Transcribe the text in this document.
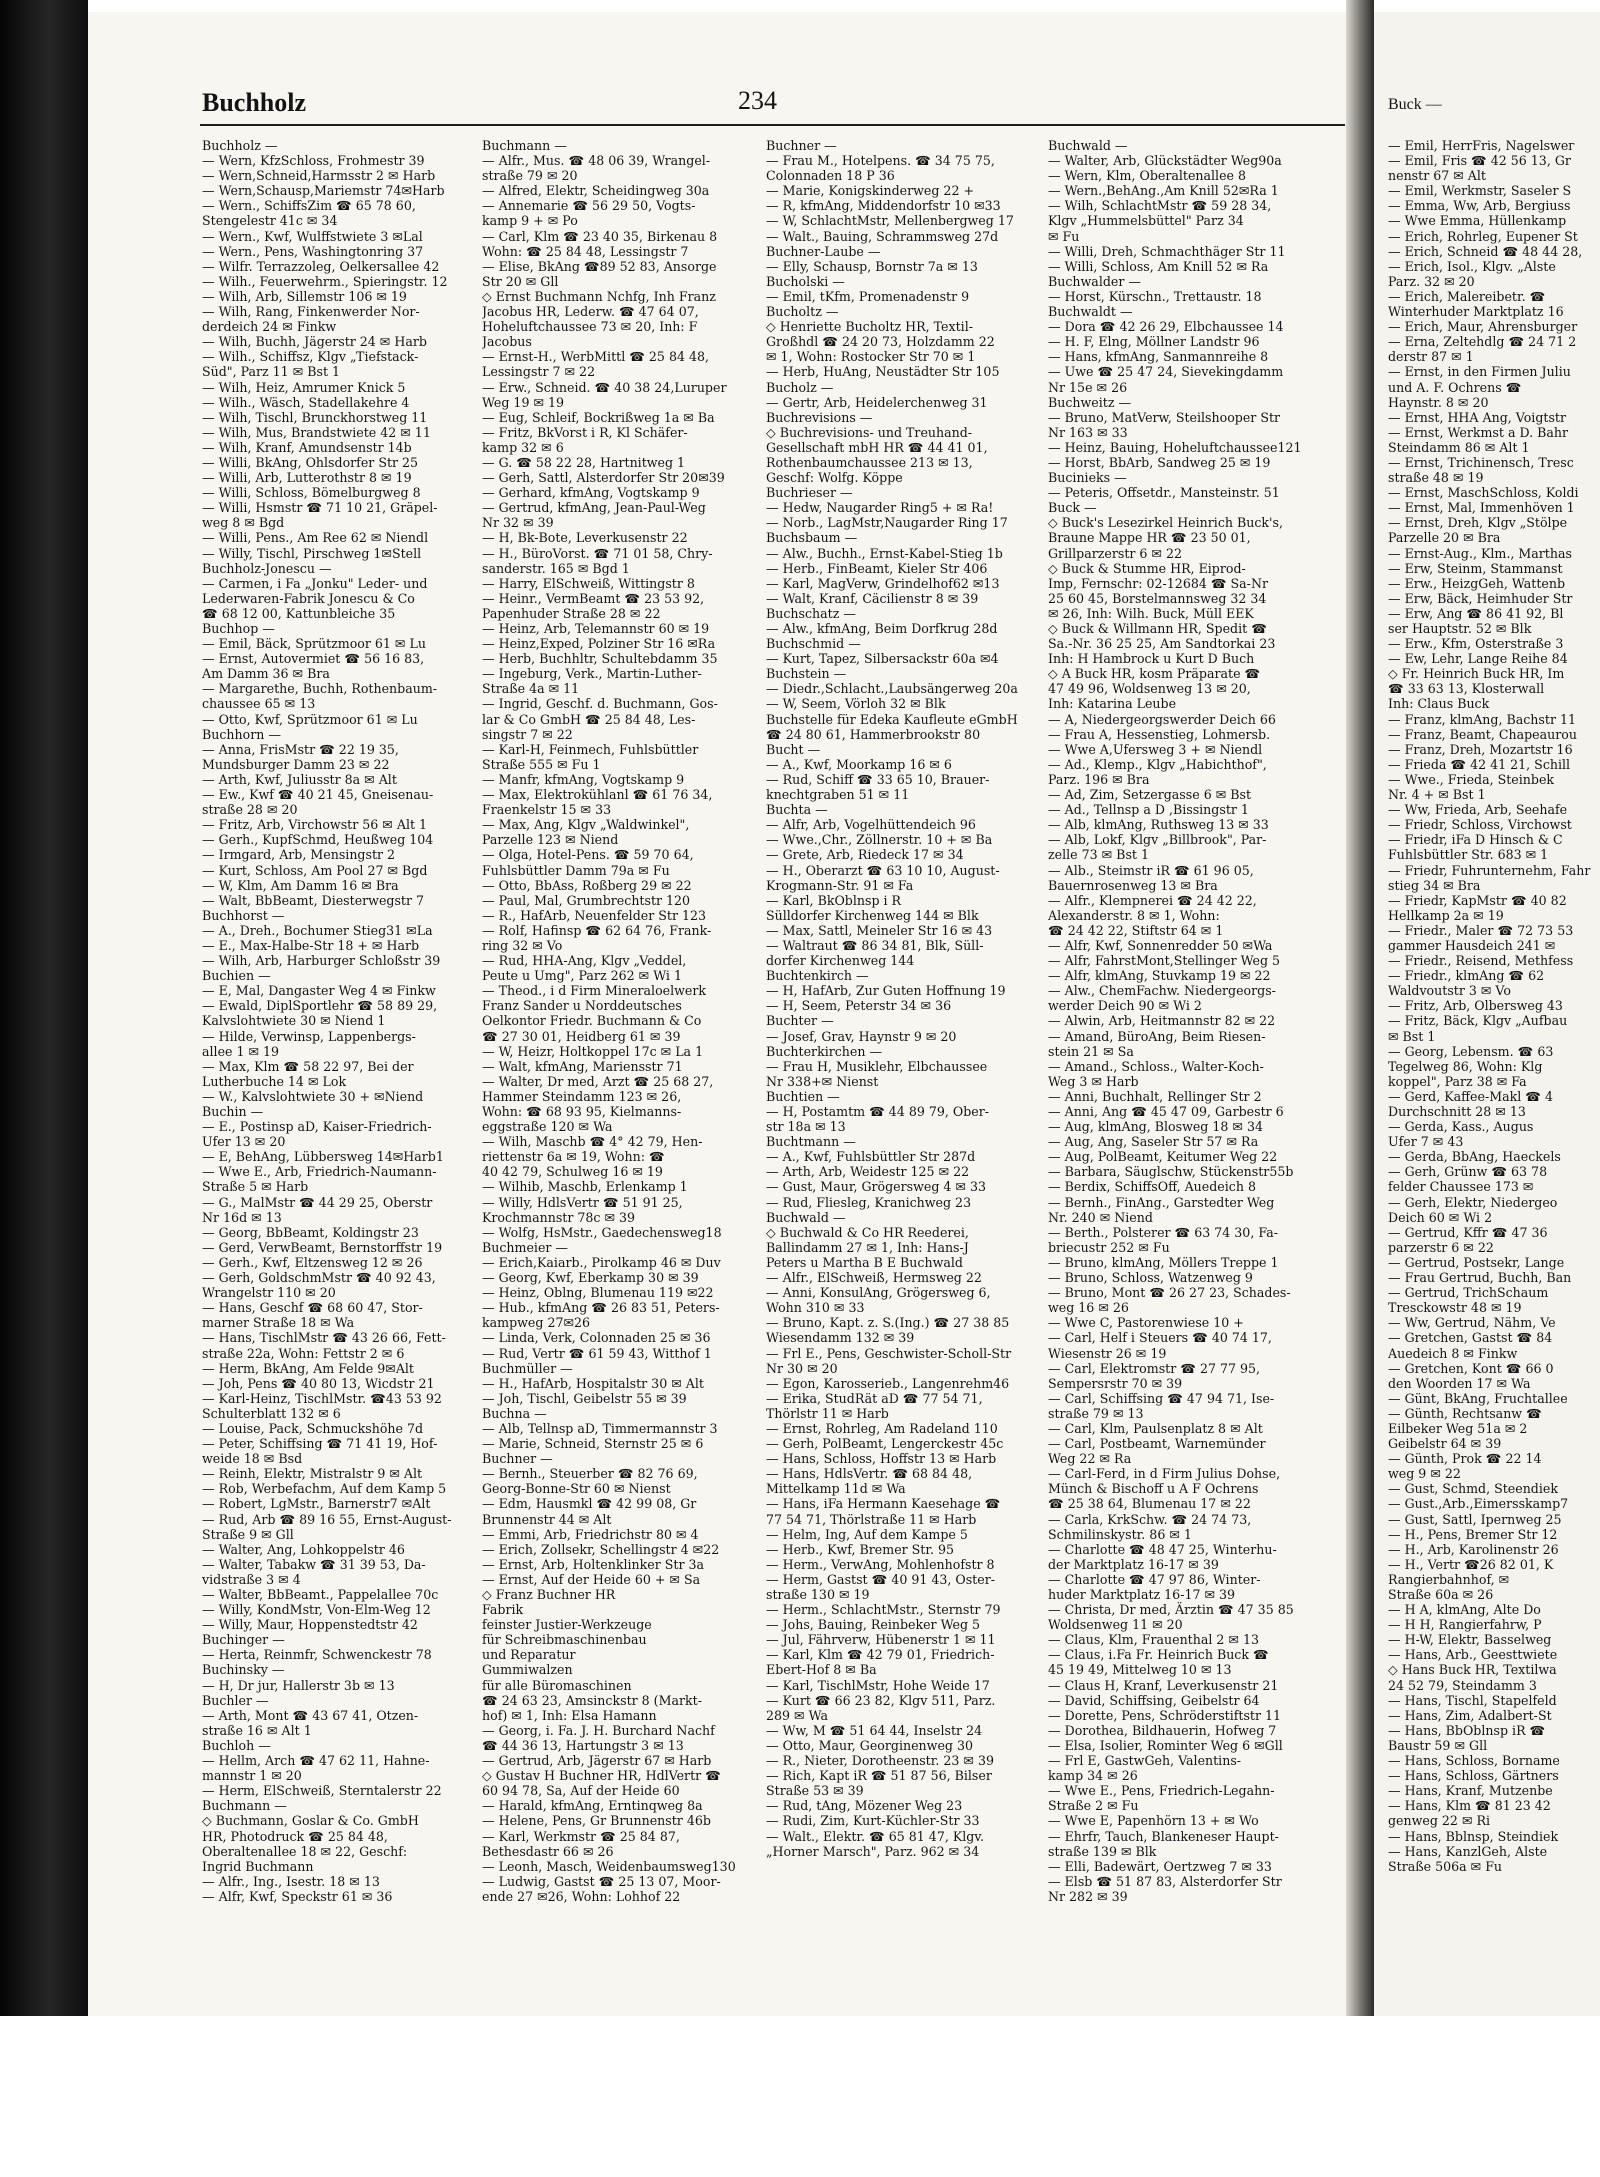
Buck —
— Emil, HerrFris, Nagelswег
— Emil, Fris ☎ 42 56 13, Gr
nenstr 67 ✉ Alt
— Emil, Werkmstr, Saseler S
— Emma, Ww, Arb, Bergiuss
— Wwe Emma, Hüllenkamp
— Erich, Rohrleg, Eupener St
— Erich, Schneid ☎ 48 44 28,
— Erich, Isol., Klgv. „Alste
Parz. 32 ✉ 20
— Erich, Malereibetr. ☎
Winterhuder Marktplatz 16
— Erich, Maur, Ahrensburger
— Erna, Zeltehdlg ☎ 24 71 2
derstr 87 ✉ 1
— Ernst, in den Firmen Juliu
und A. F. Ochrens ☎
Haynstr. 8 ✉ 20
— Ernst, HHA Ang, Voigtstr
— Ernst, Werkmst a D. Bahr
Steindamm 86 ✉ Alt 1
— Ernst, Trichinensch, Tresc
straße 48 ✉ 19
— Ernst, MaschSchloss, Koldi
— Ernst, Mal, Immenhöven 1
— Ernst, Dreh, Klgv „Stölpe
Parzelle 20 ✉ Bra
— Ernst-Aug., Klm., Marthas
— Erw, Steinm, Stammanst
— Erw., HeizgGeh, Wattenb
— Erw, Bäck, Heimhuder Str
— Erw, Ang ☎ 86 41 92, Bl
ser Hauptstr. 52 ✉ Blk
— Erw., Kfm, Osterstraße 3
— Ew, Lehr, Lange Reihe 84
◇ Fr. Heinrich Buck HR, Im
☎ 33 63 13, Klosterwall
Inh: Claus Buck
— Franz, klmAng, Bachstr 11
— Franz, Beamt, Chapeaurou
— Franz, Dreh, Mozartstr 16
— Frieda ☎ 42 41 21, Schill
— Wwe., Frieda, Steinbek
Nr. 4 + ✉ Bst 1
— Ww, Frieda, Arb, Seehafe
— Friedr, Schloss, Virchowst
— Friedr, iFa D Hinsch & C
Fuhlsbüttler Str. 683 ✉ 1
— Friedr, Fuhrunternehm, Fahr
stieg 34 ✉ Bra
— Friedr, KapMstr ☎ 40 82
Hellkamp 2a ✉ 19
— Friedr., Maler ☎ 72 73 53
gammer Hausdeich 241 ✉
— Friedr., Reisend, Methfess
— Friedr., klmAng ☎ 62
Waldvoutstr 3 ✉ Vo
— Fritz, Arb, Olbersweg 43
— Fritz, Bäck, Klgv „Aufbau
✉ Bst 1
— Georg, Lebensm. ☎ 63
Tegelweg 86, Wohn: Klg
koppel", Parz 38 ✉ Fa
— Gerd, Kaffee-Makl ☎ 4
Durchschnitt 28 ✉ 13
— Gerda, Kass., Augus
Ufer 7 ✉ 43
— Gerda, BbAng, Haeckels
— Gerh, Grünw ☎ 63 78
felder Chaussee 173 ✉
— Gerh, Elektr, Niedergeo
Deich 60 ✉ Wi 2
— Gertrud, Kffr ☎ 47 36
parzerstr 6 ✉ 22
— Gertrud, Postsekr, Lange
— Frau Gertrud, Buchh, Ban
— Gertrud, TrichSchaum
Tresckowstr 48 ✉ 19
— Ww, Gertrud, Nähm, Ve
— Gretchen, Gastst ☎ 84
Auedeich 8 ✉ Finkw
— Gretchen, Kont ☎ 66 0
den Woorden 17 ✉ Wa
— Günt, BkAng, Fruchtallee
— Günth, Rechtsanw ☎
Eilbeker Weg 51a ✉ 2
Geibelstr 64 ✉ 39
— Günth, Prok ☎ 22 14
weg 9 ✉ 22
— Gust, Schmd, Steendiek
— Gust.,Arb.,Eimersskamp7
— Gust, Sattl, Ipernweg 25
— H., Pens, Bremer Str 12
— H., Arb, Karolinenstr 26
— H., Vertr ☎26 82 01, K
Rangierbahnhof, ✉
Straße 60a ✉ 26
— H A, klmAng, Alte Do
— H H, Rangierfahrw, P
— H-W, Elektr, Basselweg
— Hans, Arb., Geesttwiete
◇ Hans Buck HR, Textilwa
24 52 79, Steindamm 3
— Hans, Tischl, Stapelfeld
— Hans, Zim, Adalbert-St
— Hans, BbOblnsp iR ☎
Baustr 59 ✉ Gll
— Hans, Schloss, Borname
— Hans, Schloss, Gärtners
— Hans, Kranf, Mutzenbe
— Hans, Klm ☎ 81 23 42
genweg 22 ✉ Ri
— Hans, Bblnsp, Steindiek
— Hans, KanzlGeh, Alste
Straße 506a ✉ Fu
Buchholz	234
Buchholz —
— Wern, KfzSchloss, Frohmestr 39
— Wern,Schneid,Harmsstr 2 ✉ Harb
— Wern,Schausp,Mariemstr 74✉Harb
— Wern., SchiffsZim ☎ 65 78 60,
Stengelestr 41c ✉ 34
— Wern., Kwf, Wulffstwiete 3 ✉Lal
— Wern., Pens, Washingtonring 37
— Wilfr. Terrazzoleg, Oelkersallee 42
— Wilh., Feuerwehrm., Spieringstr. 12
— Wilh, Arb, Sillemstr 106 ✉ 19
— Wilh, Rang, Finkenwerder Nor-
derdeich 24 ✉ Finkw
— Wilh, Buchh, Jägerstr 24 ✉ Harb
— Wilh., Schiffsz, Klgv „Tiefstack-
Süd", Parz 11 ✉ Bst 1
— Wilh, Heiz, Amrumer Knick 5
— Wilh., Wäsch, Stadellakehre 4
— Wilh, Tischl, Brunckhorstweg 11
— Wilh, Mus, Brandstwiete 42 ✉ 11
— Wilh, Kranf, Amundsenstr 14b
— Willi, BkAng, Ohlsdorfer Str 25
— Willi, Arb, Lutterothstr 8 ✉ 19
— Willi, Schloss, Bömelburgweg 8
— Willi, Hsmstr ☎ 71 10 21, Gräpel-
weg 8 ✉ Bgd
— Willi, Pens., Am Ree 62 ✉ Niendl
— Willy, Tischl, Pirschweg 1✉Stell
Buchholz-Jonescu —
— Carmen, i Fa „Jonku" Leder- und
Lederwaren-Fabrik Jonescu & Co
☎ 68 12 00, Kattunbleiche 35
Buchhop —
— Emil, Bäck, Sprützmoor 61 ✉ Lu
— Ernst, Autovermiet ☎ 56 16 83,
Am Damm 36 ✉ Bra
— Margarethe, Buchh, Rothenbaum-
chaussee 65 ✉ 13
— Otto, Kwf, Sprützmoor 61 ✉ Lu
Buchhorn —
— Anna, FrisMstr ☎ 22 19 35,
Mundsburger Damm 23 ✉ 22
— Arth, Kwf, Juliusstr 8a ✉ Alt
— Ew., Kwf ☎ 40 21 45, Gneisenau-
straße 28 ✉ 20
— Fritz, Arb, Virchowstr 56 ✉ Alt 1
— Gerh., KupfSchmd, Heußweg 104
— Irmgard, Arb, Mensingstr 2
— Kurt, Schloss, Am Pool 27 ✉ Bgd
— W, Klm, Am Damm 16 ✉ Bra
— Walt, BbBeamt, Diesterwegstr 7
Buchhorst —
— A., Dreh., Bochumer Stieg31 ✉La
— E., Max-Halbe-Str 18 + ✉ Harb
— Wilh, Arb, Harburger Schloßstr 39
Buchien —
— E, Mal, Dangaster Weg 4 ✉ Finkw
— Ewald, DiplSportlehr ☎ 58 89 29,
Kalvslohtwiete 30 ✉ Niend 1
— Hilde, Verwinsp, Lappenbergs-
allee 1 ✉ 19
— Max, Klm ☎ 58 22 97, Bei der
Lutherbuche 14 ✉ Lok
— W., Kalvslohtwiete 30 + ✉Niend
Buchin —
— E., Postinsp aD, Kaiser-Friedrich-
Ufer 13 ✉ 20
— E, BehAng, Lübbersweg 14✉Harb1
— Wwe E., Arb, Friedrich-Naumann-
Straße 5 ✉ Harb
— G., MalMstr ☎ 44 29 25, Oberstr
Nr 16d ✉ 13
— Georg, BbBeamt, Koldingstr 23
— Gerd, VerwBeamt, Bernstorffstr 19
— Gerh., Kwf, Eltzensweg 12 ✉ 26
— Gerh, GoldschmMstr ☎ 40 92 43,
Wrangelstr 110 ✉ 20
— Hans, Geschf ☎ 68 60 47, Stor-
marner Straße 18 ✉ Wa
— Hans, TischlMstr ☎ 43 26 66, Fett-
straße 22a, Wohn: Fettstr 2 ✉ 6
— Herm, BkAng, Am Felde 9✉Alt
— Joh, Pens ☎ 40 80 13, Wicdstr 21
— Karl-Heinz, TischlMstr. ☎43 53 92
Schulterblatt 132 ✉ 6
— Louise, Pack, Schmuckshöhe 7d
— Peter, Schiffsing ☎ 71 41 19, Hof-
weide 18 ✉ Bsd
— Reinh, Elektr, Mistralstr 9 ✉ Alt
— Rob, Werbefachm, Auf dem Kamp 5
— Robert, LgMstr., Barnerstr7 ✉Alt
— Rud, Arb ☎ 89 16 55, Ernst-August-
Straße 9 ✉ Gll
— Walter, Ang, Lohkoppelstr 46
— Walter, Tabakw ☎ 31 39 53, Da-
vidstraße 3 ✉ 4
— Walter, BbBeamt., Pappelallee 70c
— Willy, KondMstr, Von-Elm-Weg 12
— Willy, Maur, Hoppenstedtstr 42
Buchinger —
— Herta, Reinmfr, Schwenckestr 78
Buchinsky —
— H, Dr jur, Hallerstr 3b ✉ 13
Buchler —
— Arth, Mont ☎ 43 67 41, Otzen-
straße 16 ✉ Alt 1
Buchloh —
— Hellm, Arch ☎ 47 62 11, Hahne-
mannstr 1 ✉ 20
— Herm, ElSchweiß, Sterntalerstr 22
Buchmann —
◇ Buchmann, Goslar & Co. GmbH
HR, Photodruck ☎ 25 84 48,
Oberaltenallee 18 ✉ 22, Geschf:
Ingrid Buchmann
— Alfr., Ing., Isestr. 18 ✉ 13
— Alfr, Kwf, Speckstr 61 ✉ 36
Buchmann —
— Alfr., Mus. ☎ 48 06 39, Wrangel-
straße 79 ✉ 20
— Alfred, Elektr, Scheidingweg 30a
— Annemarie ☎ 56 29 50, Vogts-
kamp 9 + ✉ Po
— Carl, Klm ☎ 23 40 35, Birkenau 8
Wohn: ☎ 25 84 48, Lessingstr 7
— Elise, BkAng ☎89 52 83, Ansorge
Str 20 ✉ Gll
◇ Ernst Buchmann Nchfg, Inh Franz
Jacobus HR, Lederw. ☎ 47 64 07,
Hoheluftchaussee 73 ✉ 20, Inh: F
Jacobus
— Ernst-H., WerbMittl ☎ 25 84 48,
Lessingstr 7 ✉ 22
— Erw., Schneid. ☎ 40 38 24,Luruper
Weg 19 ✉ 19
— Eug, Schleif, Bockrißweg 1a ✉ Ba
— Fritz, BkVorst i R, Kl Schäfer-
kamp 32 ✉ 6
— G. ☎ 58 22 28, Hartnitweg 1
— Gerh, Sattl, Alsterdorfer Str 20✉39
— Gerhard, kfmAng, Vogtskamp 9
— Gertrud, kfmAng, Jean-Paul-Weg
Nr 32 ✉ 39
— H, Bk-Bote, Leverkusenstr 22
— H., BüroVorst. ☎ 71 01 58, Chry-
sanderstr. 165 ✉ Bgd 1
— Harry, ElSchweiß, Wittingstr 8
— Heinr., VermBeamt ☎ 23 53 92,
Papenhuder Straße 28 ✉ 22
— Heinz, Arb, Telemannstr 60 ✉ 19
— Heinz,Exped, Polziner Str 16 ✉Ra
— Herb, Buchhltr, Schultebdamm 35
— Ingeburg, Verk., Martin-Luther-
Straße 4a ✉ 11
— Ingrid, Geschf. d. Buchmann, Gos-
lar & Co GmbH ☎ 25 84 48, Les-
singstr 7 ✉ 22
— Karl-H, Feinmech, Fuhlsbüttler
Straße 555 ✉ Fu 1
— Manfr, kfmAng, Vogtskamp 9
— Max, Elektrokühlanl ☎ 61 76 34,
Fraenkelstr 15 ✉ 33
— Max, Ang, Klgv „Waldwinkel",
Parzelle 123 ✉ Niend
— Olga, Hotel-Pens. ☎ 59 70 64,
Fuhlsbüttler Damm 79a ✉ Fu
— Otto, BbAss, Roßberg 29 ✉ 22
— Paul, Mal, Grumbrechtstr 120
— R., HafArb, Neuenfelder Str 123
— Rolf, Hafinsp ☎ 62 64 76, Frank-
ring 32 ✉ Vo
— Rud, HHA-Ang, Klgv „Veddel,
Peute u Umg", Parz 262 ✉ Wi 1
— Theod., i d Firm Mineraloelwerk
Franz Sander u Norddeutsches
Oelkontor Friedr. Buchmann & Co
☎ 27 30 01, Heidberg 61 ✉ 39
— W, Heizr, Holtkoppel 17c ✉ La 1
— Walt, kfmAng, Mariensstr 71
— Walter, Dr med, Arzt ☎ 25 68 27,
Hammer Steindamm 123 ✉ 26,
Wohn: ☎ 68 93 95, Kielmanns-
eggstraße 120 ✉ Wa
— Wilh, Maschb ☎ 4° 42 79, Hen-
riettenstr 6a ✉ 19, Wohn: ☎
40 42 79, Schulweg 16 ✉ 19
— Wilhib, Maschb, Erlenkamp 1
— Willy, HdlsVertr ☎ 51 91 25,
Krochmannstr 78c ✉ 39
— Wolfg, HsMstr., Gaedechensweg18
Buchmeier —
— Erich,Kaiarb., Pirolkamp 46 ✉ Duv
— Georg, Kwf, Eberkamp 30 ✉ 39
— Heinz, Oblng, Blumenau 119 ✉22
— Hub., kfmAng ☎ 26 83 51, Peters-
kampweg 27✉26
— Linda, Verk, Colonnaden 25 ✉ 36
— Rud, Vertr ☎ 61 59 43, Witthof 1
Buchmüller —
— H., HafArb, Hospitalstr 30 ✉ Alt
— Joh, Tischl, Geibelstr 55 ✉ 39
Buchna —
— Alb, Tellnsp aD, Timmermannstr 3
— Marie, Schneid, Sternstr 25 ✉ 6
Buchner —
— Bernh., Steuerber ☎ 82 76 69,
Georg-Bonne-Str 60 ✉ Nienst
— Edm, Hausmkl ☎ 42 99 08, Gr
Brunnenstr 44 ✉ Alt
— Emmi, Arb, Friedrichstr 80 ✉ 4
— Erich, Zollsekr, Schellingstr 4 ✉22
— Ernst, Arb, Holtenklinker Str 3a
— Ernst, Auf der Heide 60 + ✉ Sa
◇ Franz Buchner HR
Fabrik
feinster Justier-Werkzeuge
für Schreibmaschinenbau
und Reparatur
Gummiwalzen
für alle Büromaschinen
☎ 24 63 23, Amsinckstr 8 (Markt-
hof) ✉ 1, Inh: Elsa Hamann
— Georg, i. Fa. J. H. Burchard Nachf
☎ 44 36 13, Hartungstr 3 ✉ 13
— Gertrud, Arb, Jägerstr 67 ✉ Harb
◇ Gustav H Buchner HR, HdlVertr ☎
60 94 78, Sa, Auf der Heide 60
— Harald, kfmAng, Erntinqweg 8a
— Helene, Pens, Gr Brunnenstr 46b
— Karl, Werkmstr ☎ 25 84 87,
Bethesdastr 66 ✉ 26
— Leonh, Masch, Weidenbaumsweg130
— Ludwig, Gastst ☎ 25 13 07, Moor-
ende 27 ✉26, Wohn: Lohhof 22
Buchner —
— Frau M., Hotelpens. ☎ 34 75 75,
Colonnaden 18 P 36
— Marie, Konigskinderweg 22 +
— R, kfmAng, Middendorfstr 10 ✉33
— W, SchlachtMstr, Mellenbergweg 17
— Walt., Bauing, Schrammsweg 27d
Buchner-Laube —
— Elly, Schausp, Bornstr 7a ✉ 13
Bucholski —
— Emil, tKfm, Promenadenstr 9
Bucholtz —
◇ Henriette Bucholtz HR, Textil-
Großhdl ☎ 24 20 73, Holzdamm 22
✉ 1, Wohn: Rostocker Str 70 ✉ 1
— Herb, HuAng, Neustädter Str 105
Bucholz —
— Gertr, Arb, Heidelerchenweg 31
Buchrevisions —
◇ Buchrevisions- und Treuhand-
Gesellschaft mbH HR ☎ 44 41 01,
Rothenbaumchaussee 213 ✉ 13,
Geschf: Wolfg. Köppe
Buchrieser —
— Hedw, Naugarder Ring5 + ✉ Ra!
— Norb., LagMstr,Naugarder Ring 17
Buchsbaum —
— Alw., Buchh., Ernst-Kabel-Stieg 1b
— Herb., FinBeamt, Kieler Str 406
— Karl, MagVerw, Grindelhof62 ✉13
— Walt, Kranf, Cäcilienstr 8 ✉ 39
Buchschatz —
— Alw., kfmAng, Beim Dorfkrug 28d
Buchschmid —
— Kurt, Tapez, Silbersackstr 60a ✉4
Buchstein —
— Diedr.,Schlacht.,Laubsängerweg 20a
— W, Seem, Vörloh 32 ✉ Blk
Buchstelle für Edeka Kaufleute eGmbH
☎ 24 80 61, Hammerbrookstr 80
Bucht —
— A., Kwf, Moorkamp 16 ✉ 6
— Rud, Schiff ☎ 33 65 10, Brauer-
knechtgraben 51 ✉ 11
Buchta —
— Alfr, Arb, Vogelhüttendeich 96
— Wwe.,Chr., Zöllnerstr. 10 + ✉ Ba
— Grete, Arb, Riedeck 17 ✉ 34
— H., Oberarzt ☎ 63 10 10, August-
Krogmann-Str. 91 ✉ Fa
— Karl, BkOblnsp i R
Sülldorfer Kirchenweg 144 ✉ Blk
— Max, Sattl, Meineler Str 16 ✉ 43
— Waltraut ☎ 86 34 81, Blk, Süll-
dorfer Kirchenweg 144
Buchtenkirch —
— H, HafArb, Zur Guten Hoffnung 19
— H, Seem, Peterstr 34 ✉ 36
Buchter —
— Josef, Grav, Haynstr 9 ✉ 20
Buchterkirchen —
— Frau H, Musiklehr, Elbchaussee
Nr 338+✉ Nienst
Buchtien —
— H, Postamtm ☎ 44 89 79, Ober-
str 18a ✉ 13
Buchtmann —
— A., Kwf, Fuhlsbüttler Str 287d
— Arth, Arb, Weidestr 125 ✉ 22
— Gust, Maur, Grögersweg 4 ✉ 33
— Rud, Fliesleg, Kranichweg 23
Buchwald —
◇ Buchwald & Co HR Reederei,
Ballindamm 27 ✉ 1, Inh: Hans-J
Peters u Martha B E Buchwald
— Alfr., ElSchweiß, Hermsweg 22
— Anni, KonsulAng, Grögersweg 6,
Wohn 310 ✉ 33
— Bruno, Kapt. z. S.(Ing.) ☎ 27 38 85
Wiesendamm 132 ✉ 39
— Frl E., Pens, Geschwister-Scholl-Str
Nr 30 ✉ 20
— Egon, Karosserieb., Langenrehm46
— Erika, StudRät aD ☎ 77 54 71,
Thörlstr 11 ✉ Harb
— Ernst, Rohrleg, Am Radeland 110
— Gerh, PolBeamt, Lengerckestr 45c
— Hans, Schloss, Hoffstr 13 ✉ Harb
— Hans, HdlsVertr. ☎ 68 84 48,
Mittelkamp 11d ✉ Wa
— Hans, iFa Hermann Kaesehage ☎
77 54 71, Thörlstraße 11 ✉ Harb
— Helm, Ing, Auf dem Kampe 5
— Herb., Kwf, Bremer Str. 95
— Herm., VerwAng, Mohlenhofstr 8
— Herm, Gastst ☎ 40 91 43, Oster-
straße 130 ✉ 19
— Herm., SchlachtMstr., Sternstr 79
— Johs, Bauing, Reinbeker Weg 5
— Jul, Fährverw, Hübenerstr 1 ✉ 11
— Karl, Klm ☎ 42 79 01, Friedrich-
Ebert-Hof 8 ✉ Ba
— Karl, TischlMstr, Hohe Weide 17
— Kurt ☎ 66 23 82, Klgv 511, Parz.
289 ✉ Wa
— Ww, M ☎ 51 64 44, Inselstr 24
— Otto, Maur, Georginenweg 30
— R., Nieter, Dorotheenstr. 23 ✉ 39
— Rich, Kapt iR ☎ 51 87 56, Bilser
Straße 53 ✉ 39
— Rud, tAng, Mözener Weg 23
— Rudi, Zim, Kurt-Küchler-Str 33
— Walt., Elektr. ☎ 65 81 47, Klgv.
„Horner Marsch", Parz. 962 ✉ 34
Buchwald —
— Walter, Arb, Glückstädter Weg90a
— Wern, Klm, Oberaltenallee 8
— Wern.,BehAng.,Am Knill 52✉Ra 1
— Wilh, SchlachtMstr ☎ 59 28 34,
Klgv „Hummelsbüttel" Parz 34
✉ Fu
— Willi, Dreh, Schmachthäger Str 11
— Willi, Schloss, Am Knill 52 ✉ Ra
Buchwalder —
— Horst, Kürschn., Trettaustr. 18
Buchwaldt —
— Dora ☎ 42 26 29, Elbchaussee 14
— H. F, Elng, Möllner Landstr 96
— Hans, kfmAng, Sanmannreihe 8
— Uwe ☎ 25 47 24, Sievekingdamm
Nr 15e ✉ 26
Buchweitz —
— Bruno, MatVerw, Steilshooper Str
Nr 163 ✉ 33
— Heinz, Bauing, Hoheluftchaussee121
— Horst, BbArb, Sandweg 25 ✉ 19
Bucinieks —
— Peteris, Offsetdr., Mansteinstr. 51
Buck —
◇ Buck's Lesezirkel Heinrich Buck's,
Braune Mappe HR ☎ 23 50 01,
Grillparzerstr 6 ✉ 22
◇ Buck & Stumme HR, Eiprod-
Imp, Fernschr: 02-12684 ☎ Sa-Nr
25 60 45, Borstelmannsweg 32 34
✉ 26, Inh: Wilh. Buck, Müll EEK
◇ Buck & Willmann HR, Spedit ☎
Sa.-Nr. 36 25 25, Am Sandtorkai 23
Inh: H Hambrock u Kurt D Buch
◇ A Buck HR, kosm Präparate ☎
47 49 96, Woldsenweg 13 ✉ 20,
Inh: Katarina Leube
— A, Niedergeorgswerder Deich 66
— Frau A, Hessenstieg, Lohmersb.
— Wwe A,Ufersweg 3 + ✉ Niendl
— Ad., Klemp., Klgv „Habichthof",
Parz. 196 ✉ Bra
— Ad, Zim, Setzergasse 6 ✉ Bst
— Ad., Tellnsp a D ,Bissingstr 1
— Alb, klmAng, Ruthsweg 13 ✉ 33
— Alb, Lokf, Klgv „Billbrook", Par-
zelle 73 ✉ Bst 1
— Alb., Steimstr iR ☎ 61 96 05,
Bauernrosenweg 13 ✉ Bra
— Alfr., Klempnerei ☎ 24 42 22,
Alexanderstr. 8 ✉ 1, Wohn:
☎ 24 42 22, Stiftstr 64 ✉ 1
— Alfr, Kwf, Sonnenredder 50 ✉Wa
— Alfr, FahrstMont,Stellinger Weg 5
— Alfr, klmAng, Stuvkamp 19 ✉ 22
— Alw., ChemFachw. Niedergeorgs-
werder Deich 90 ✉ Wi 2
— Alwin, Arb, Heitmannstr 82 ✉ 22
— Amand, BüroAng, Beim Riesen-
stein 21 ✉ Sa
— Amand., Schloss., Walter-Koch-
Weg 3 ✉ Harb
— Anni, Buchhalt, Rellinger Str 2
— Anni, Ang ☎ 45 47 09, Garbestr 6
— Aug, klmAng, Blosweg 18 ✉ 34
— Aug, Ang, Saseler Str 57 ✉ Ra
— Aug, PolBeamt, Keitumer Weg 22
— Barbara, Säuglschw, Stückenstr55b
— Berdix, SchiffsOff, Auedeich 8
— Bernh., FinAng., Garstedter Weg
Nr. 240 ✉ Niend
— Berth., Polsterer ☎ 63 74 30, Fa-
briecustr 252 ✉ Fu
— Bruno, klmAng, Möllers Treppe 1
— Bruno, Schloss, Watzenweg 9
— Bruno, Mont ☎ 26 27 23, Schades-
weg 16 ✉ 26
— Wwe C, Pastorenwiese 10 +
— Carl, Helf i Steuers ☎ 40 74 17,
Wiesenstr 26 ✉ 19
— Carl, Elektromstr ☎ 27 77 95,
Sempersrstr 70 ✉ 39
— Carl, Schiffsing ☎ 47 94 71, Ise-
straße 79 ✉ 13
— Carl, Klm, Paulsenplatz 8 ✉ Alt
— Carl, Postbeamt, Warnemünder
Weg 22 ✉ Ra
— Carl-Ferd, in d Firm Julius Dohse,
Münch & Bischoff u A F Ochrens
☎ 25 38 64, Blumenau 17 ✉ 22
— Carla, KrkSchw. ☎ 24 74 73,
Schmilinskystr. 86 ✉ 1
— Charlotte ☎ 48 47 25, Winterhu-
der Marktplatz 16-17 ✉ 39
— Charlotte ☎ 47 97 86, Winter-
huder Marktplatz 16-17 ✉ 39
— Christa, Dr med, Ärztin ☎ 47 35 85
Woldsenweg 11 ✉ 20
— Claus, Klm, Frauenthal 2 ✉ 13
— Claus, i.Fa Fr. Heinrich Buck ☎
45 19 49, Mittelweg 10 ✉ 13
— Claus H, Kranf, Leverkusenstr 21
— David, Schiffsing, Geibelstr 64
— Dorette, Pens, Schröderstiftstr 11
— Dorothea, Bildhauerin, Hofweg 7
— Elsa, Isolier, Rominter Weg 6 ✉Gll
— Frl E, GastwGeh, Valentins-
kamp 34 ✉ 26
— Wwe E., Pens, Friedrich-Legahn-
Straße 2 ✉ Fu
— Wwe E, Papenhörn 13 + ✉ Wo
— Ehrfr, Tauch, Blankeneser Haupt-
straße 139 ✉ Blk
— Elli, Badewärt, Oertzweg 7 ✉ 33
— Elsb ☎ 51 87 83, Alsterdorfer Str
Nr 282 ✉ 39
